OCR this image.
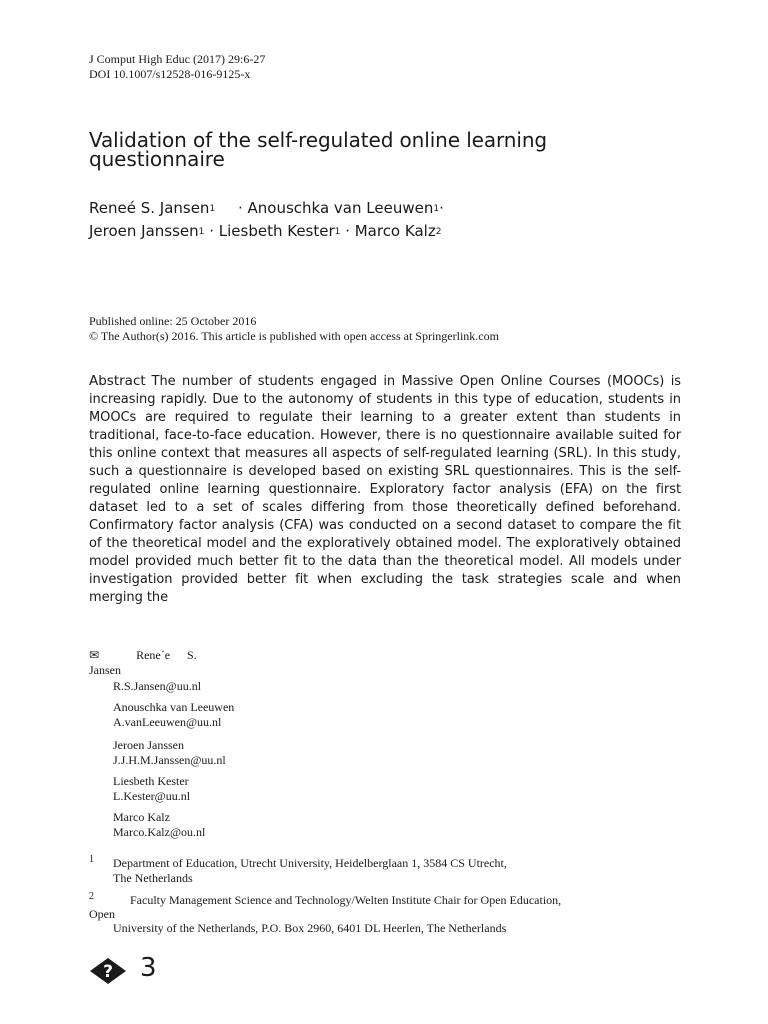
J Comput High Educ (2017) 29:6-27
DOI 10.1007/s12528-016-9125-x
Validation of the self-regulated online learning
questionnaire
Reneé S. Jansen$^1$ · Anouschka van Leeuwen$^1$·
Jeroen Janssen$^1$ · Liesbeth Kester$^1$ · Marco Kalz$^2$
Published online: 25 October 2016
© The Author(s) 2016. This article is published with open access at Springerlink.com
Abstract The number of students engaged in Massive Open Online Courses (MOOCs) is increasing rapidly. Due to the autonomy of students in this type of education, students in MOOCs are required to regulate their learning to a greater extent than students in traditional, face-to-face education. However, there is no questionnaire available suited for this online context that measures all aspects of self-regulated learning (SRL). In this study, such a questionnaire is developed based on existing SRL questionnaires. This is the self-regulated online learning questionnaire. Exploratory factor analysis (EFA) on the first dataset led to a set of scales differing from those theoretically defined beforehand. Confirmatory factor analysis (CFA) was conducted on a second dataset to compare the fit of the theoretical model and the exploratively obtained model. The exploratively obtained model provided much better fit to the data than the theoretical model. All models under investigation provided better fit when excluding the task strategies scale and when merging the
✉	Rene´e S.
Jansen
R.S.Jansen@uu.nl
Anouschka van Leeuwen
A.vanLeeuwen@uu.nl
Jeroen Janssen
J.J.H.M.Janssen@uu.nl
Liesbeth Kester
L.Kester@uu.nl
Marco Kalz
Marco.Kalz@ou.nl
1 Department of Education, Utrecht University, Heidelberglaan 1, 3584 CS Utrecht,
The Netherlands
2	Faculty Management Science and Technology/Welten Institute Chair for Open Education,
Open
University of the Netherlands, P.O. Box 2960, 6401 DL Heerlen, The Netherlands
? 3
